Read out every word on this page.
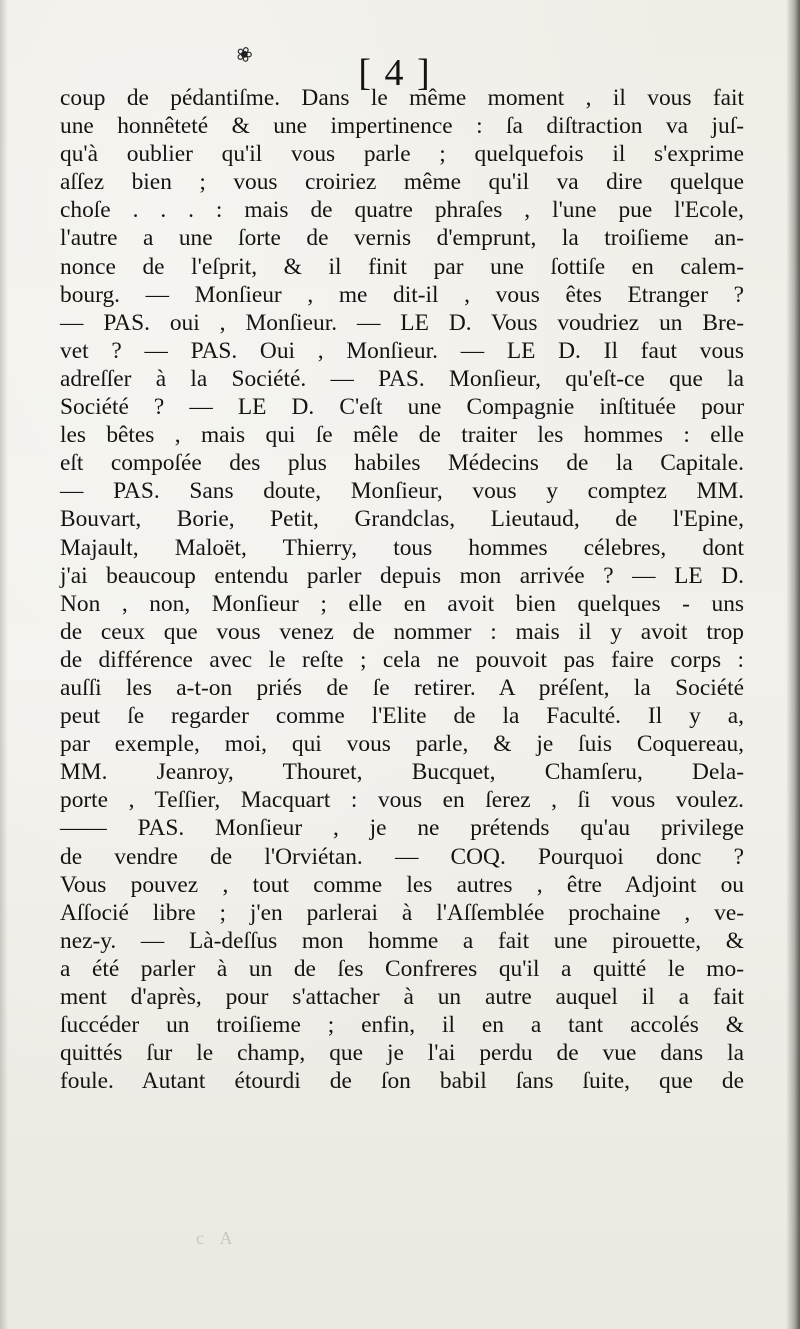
❀	[ 4 ]
coup de pédantiſme. Dans le même moment , il vous fait
une honnêteté & une impertinence : ſa diſtraction va juſ-
qu'à oublier qu'il vous parle ; quelquefois il s'exprime
aſſez bien ; vous croiriez même qu'il va dire quelque
choſe . . . : mais de quatre phraſes , l'une pue l'Ecole,
l'autre a une ſorte de vernis d'emprunt, la troiſieme an-
nonce de l'eſprit, & il finit par une ſottiſe en calem-
bourg. — Monſieur , me dit-il , vous êtes Etranger ?
— PAS. oui , Monſieur. — LE D. Vous voudriez un Bre-
vet ? — PAS. Oui , Monſieur. — LE D. Il faut vous
adreſſer à la Société. — PAS. Monſieur, qu'eſt-ce que la
Société ? — LE D. C'eſt une Compagnie inſtituée pour
les bêtes , mais qui ſe mêle de traiter les hommes : elle
eſt compoſée des plus habiles Médecins de la Capitale.
— PAS. Sans doute, Monſieur, vous y comptez MM.
Bouvart, Borie, Petit, Grandclas, Lieutaud, de l'Epine,
Majault, Maloët, Thierry, tous hommes célebres, dont
j'ai beaucoup entendu parler depuis mon arrivée ? — LE D.
Non , non, Monſieur ; elle en avoit bien quelques - uns
de ceux que vous venez de nommer : mais il y avoit trop
de différence avec le reſte ; cela ne pouvoit pas faire corps :
auſſi les a-t-on priés de ſe retirer. A préſent, la Société
peut ſe regarder comme l'Elite de la Faculté. Il y a,
par exemple, moi, qui vous parle, & je ſuis Coquereau,
MM. Jeanroy, Thouret, Bucquet, Chamſeru, Dela-
porte , Teſſier, Macquart : vous en ſerez , ſi vous voulez.
—— PAS. Monſieur , je ne prétends qu'au privilege
de vendre de l'Orviétan. — COQ. Pourquoi donc ?
Vous pouvez , tout comme les autres , être Adjoint ou
Aſſocié libre ; j'en parlerai à l'Aſſemblée prochaine , ve-
nez-y. — Là-deſſus mon homme a fait une pirouette, &
a été parler à un de ſes Confreres qu'il a quitté le mo-
ment d'après, pour s'attacher à un autre auquel il a fait
ſuccéder un troiſieme ; enfin, il en a tant accolés &
quittés ſur le champ, que je l'ai perdu de vue dans la
foule. Autant étourdi de ſon babil ſans ſuite, que de
c A
